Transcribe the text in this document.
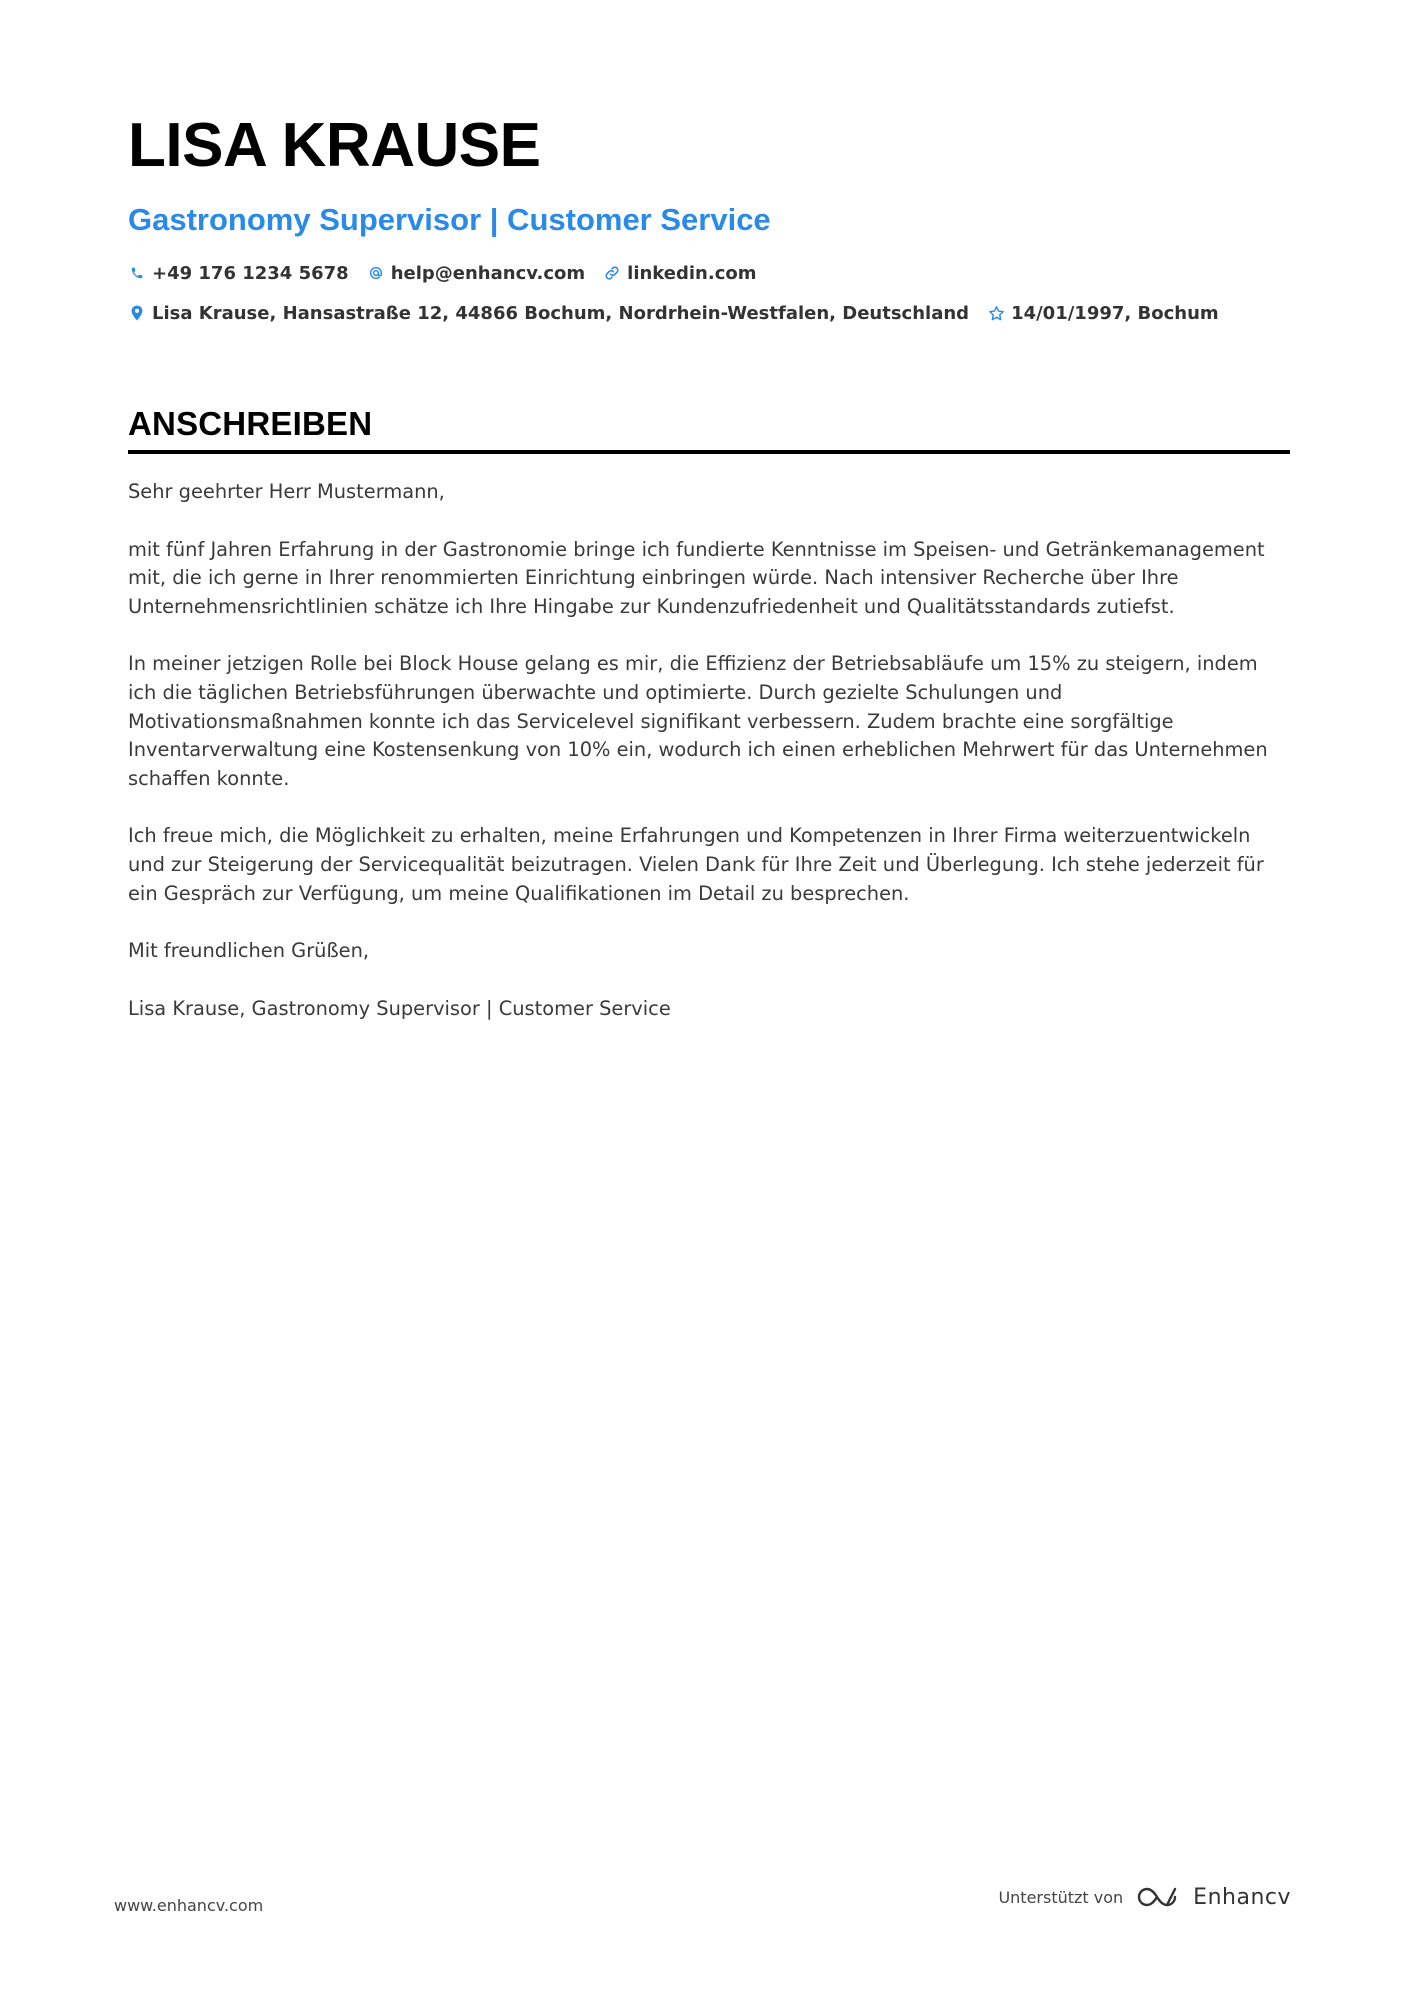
LISA KRAUSE
Gastronomy Supervisor | Customer Service
+49 176 1234 5678 help@enhancv.com linkedin.com
Lisa Krause, Hansastraße 12, 44866 Bochum, Nordrhein-Westfalen, Deutschland 14/01/1997, Bochum
ANSCHREIBEN

Sehr geehrter Herr Mustermann,

mit fünf Jahren Erfahrung in der Gastronomie bringe ich fundierte Kenntnisse im Speisen- und Getränkemanagement mit, die ich gerne in Ihrer renommierten Einrichtung einbringen würde. Nach intensiver Recherche über Ihre Unternehmensrichtlinien schätze ich Ihre Hingabe zur Kundenzufriedenheit und Qualitätsstandards zutiefst.

In meiner jetzigen Rolle bei Block House gelang es mir, die Effizienz der Betriebsabläufe um 15% zu steigern, indem ich die täglichen Betriebsführungen überwachte und optimierte. Durch gezielte Schulungen und Motivationsmaßnahmen konnte ich das Servicelevel signifikant verbessern. Zudem brachte eine sorgfältige Inventarverwaltung eine Kostensenkung von 10% ein, wodurch ich einen erheblichen Mehrwert für das Unternehmen schaffen konnte.

Ich freue mich, die Möglichkeit zu erhalten, meine Erfahrungen und Kompetenzen in Ihrer Firma weiterzuentwickeln und zur Steigerung der Servicequalität beizutragen. Vielen Dank für Ihre Zeit und Überlegung. Ich stehe jederzeit für ein Gespräch zur Verfügung, um meine Qualifikationen im Detail zu besprechen.

Mit freundlichen Grüßen,

Lisa Krause, Gastronomy Supervisor | Customer Service

www.enhancv.com	Unterstützt von	Enhancv
